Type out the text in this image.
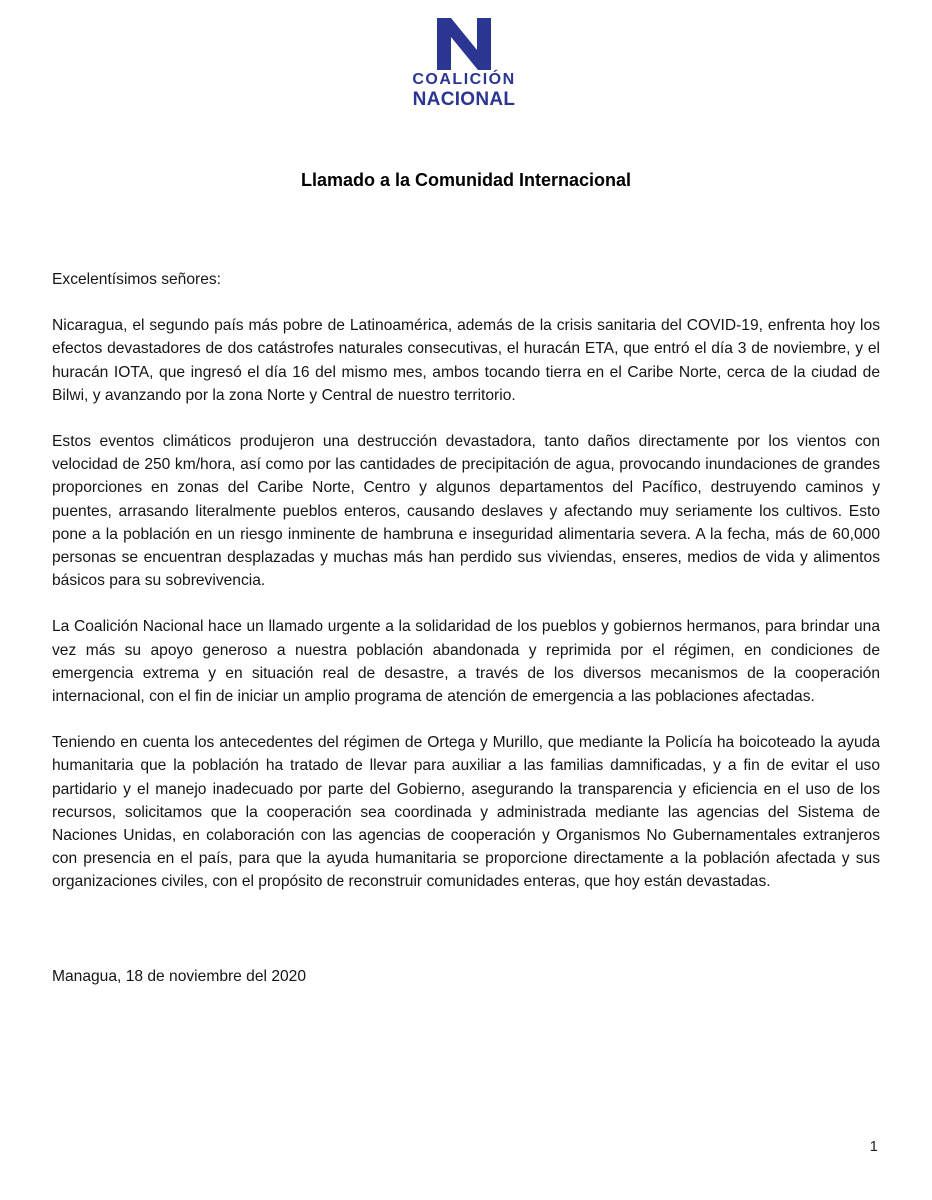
COALICIÓN
NACIONAL
Llamado a la Comunidad Internacional

Excelentísimos señores:

Nicaragua, el segundo país más pobre de Latinoamérica, además de la crisis sanitaria del COVID-19, enfrenta hoy los efectos devastadores de dos catástrofes naturales consecutivas, el huracán ETA, que entró el día 3 de noviembre, y el huracán IOTA, que ingresó el día 16 del mismo mes, ambos tocando tierra en el Caribe Norte, cerca de la ciudad de Bilwi, y avanzando por la zona Norte y Central de nuestro territorio.

Estos eventos climáticos produjeron una destrucción devastadora, tanto daños directamente por los vientos con velocidad de 250 km/hora, así como por las cantidades de precipitación de agua, provocando inundaciones de grandes proporciones en zonas del Caribe Norte, Centro y algunos departamentos del Pacífico, destruyendo caminos y puentes, arrasando literalmente pueblos enteros, causando deslaves y afectando muy seriamente los cultivos. Esto pone a la población en un riesgo inminente de hambruna e inseguridad alimentaria severa. A la fecha, más de 60,000 personas se encuentran desplazadas y muchas más han perdido sus viviendas, enseres, medios de vida y alimentos básicos para su sobrevivencia.

La Coalición Nacional hace un llamado urgente a la solidaridad de los pueblos y gobiernos hermanos, para brindar una vez más su apoyo generoso a nuestra población abandonada y reprimida por el régimen, en condiciones de emergencia extrema y en situación real de desastre, a través de los diversos mecanismos de la cooperación internacional, con el fin de iniciar un amplio programa de atención de emergencia a las poblaciones afectadas.

Teniendo en cuenta los antecedentes del régimen de Ortega y Murillo, que mediante la Policía ha boicoteado la ayuda humanitaria que la población ha tratado de llevar para auxiliar a las familias damnificadas, y a fin de evitar el uso partidario y el manejo inadecuado por parte del Gobierno, asegurando la transparencia y eficiencia en el uso de los recursos, solicitamos que la cooperación sea coordinada y administrada mediante las agencias del Sistema de Naciones Unidas, en colaboración con las agencias de cooperación y Organismos No Gubernamentales extranjeros con presencia en el país, para que la ayuda humanitaria se proporcione directamente a la población afectada y sus organizaciones civiles, con el propósito de reconstruir comunidades enteras, que hoy están devastadas.

Managua, 18 de noviembre del 2020
1
